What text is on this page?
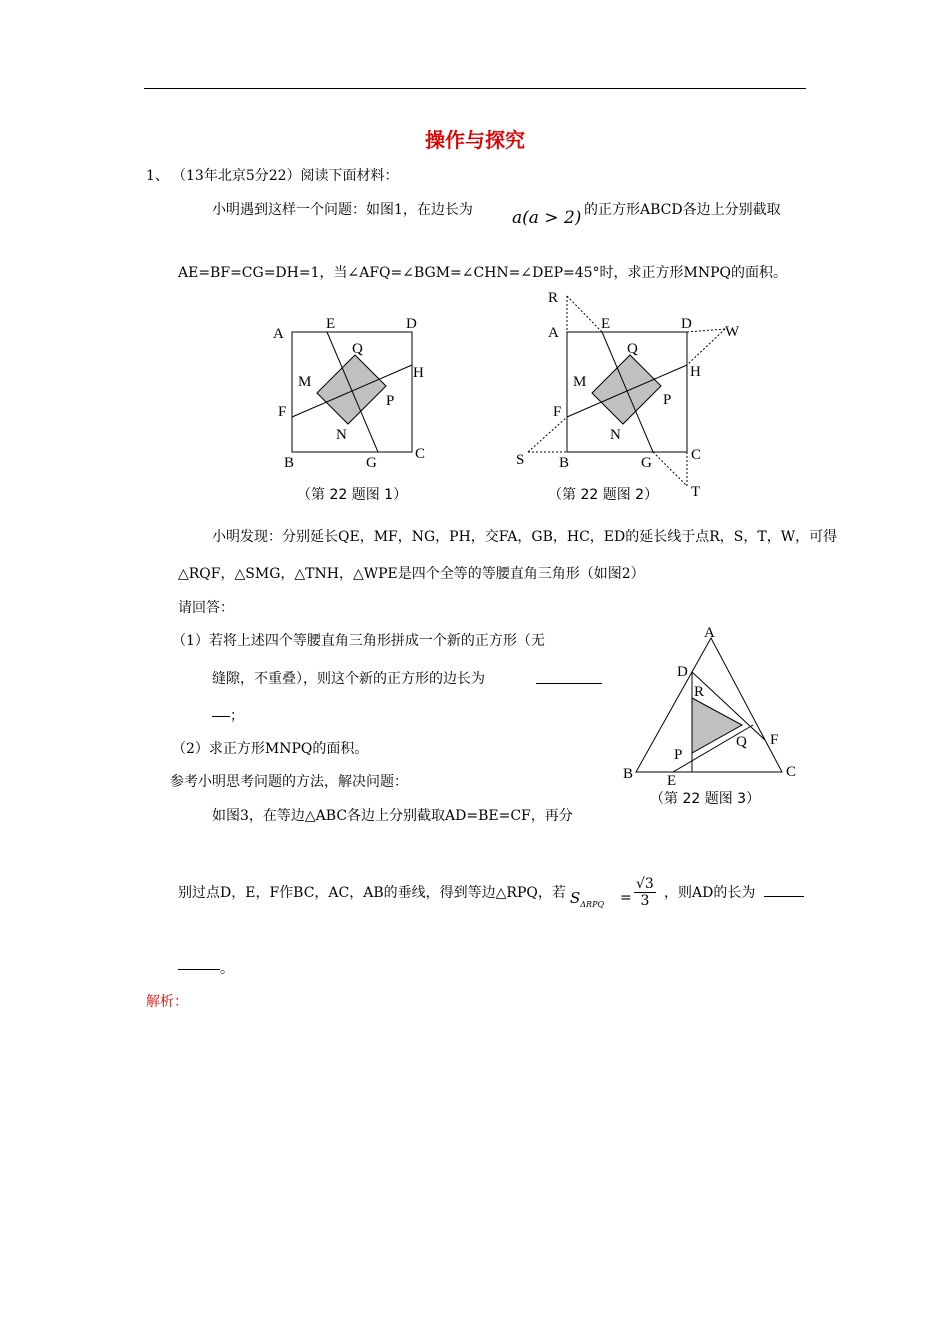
操作与探究
1、 （13年北京5分22）阅读下面材料：
小明遇到这样一个问题：如图1，在边长为 a(a > 2) 的正方形ABCD各边上分别截取
AE=BF=CG=DH=1，当∠AFQ=∠BGM=∠CHN=∠DEP=45°时，求正方形MNPQ的面积。
A
E	D
Q
M
H
P
F
N
B	G
C
（第 22 题图 1）
R
A
E	D W
Q
M
H
P
F
N
S B	G	C
T
（第 22 题图 2）
小明发现：分别延长QE，MF，NG，PH，交FA，GB，HC，ED的延长线于点R，S，T，W，可得
△RQF，△SMG，△TNH，△WPE是四个全等的等腰直角三角形（如图2）
请回答：
（1）若将上述四个等腰直角三角形拼成一个新的正方形（无
缝隙，不重叠），则这个新的正方形的边长为
；
（2）求正方形MNPQ的面积。
参考小明思考问题的方法，解决问题：
如图3，在等边△ABC各边上分别截取AD=BE=CF，再分
A
D
R
Q F
P
B E
C
（第 22 题图 3）
别过点D，E，F作BC，AC，AB的垂线，得到等边△RPQ，若 $S_{\Delta RPQ} = \frac{√3}{3}$ ，则AD的长为
。
解析：
